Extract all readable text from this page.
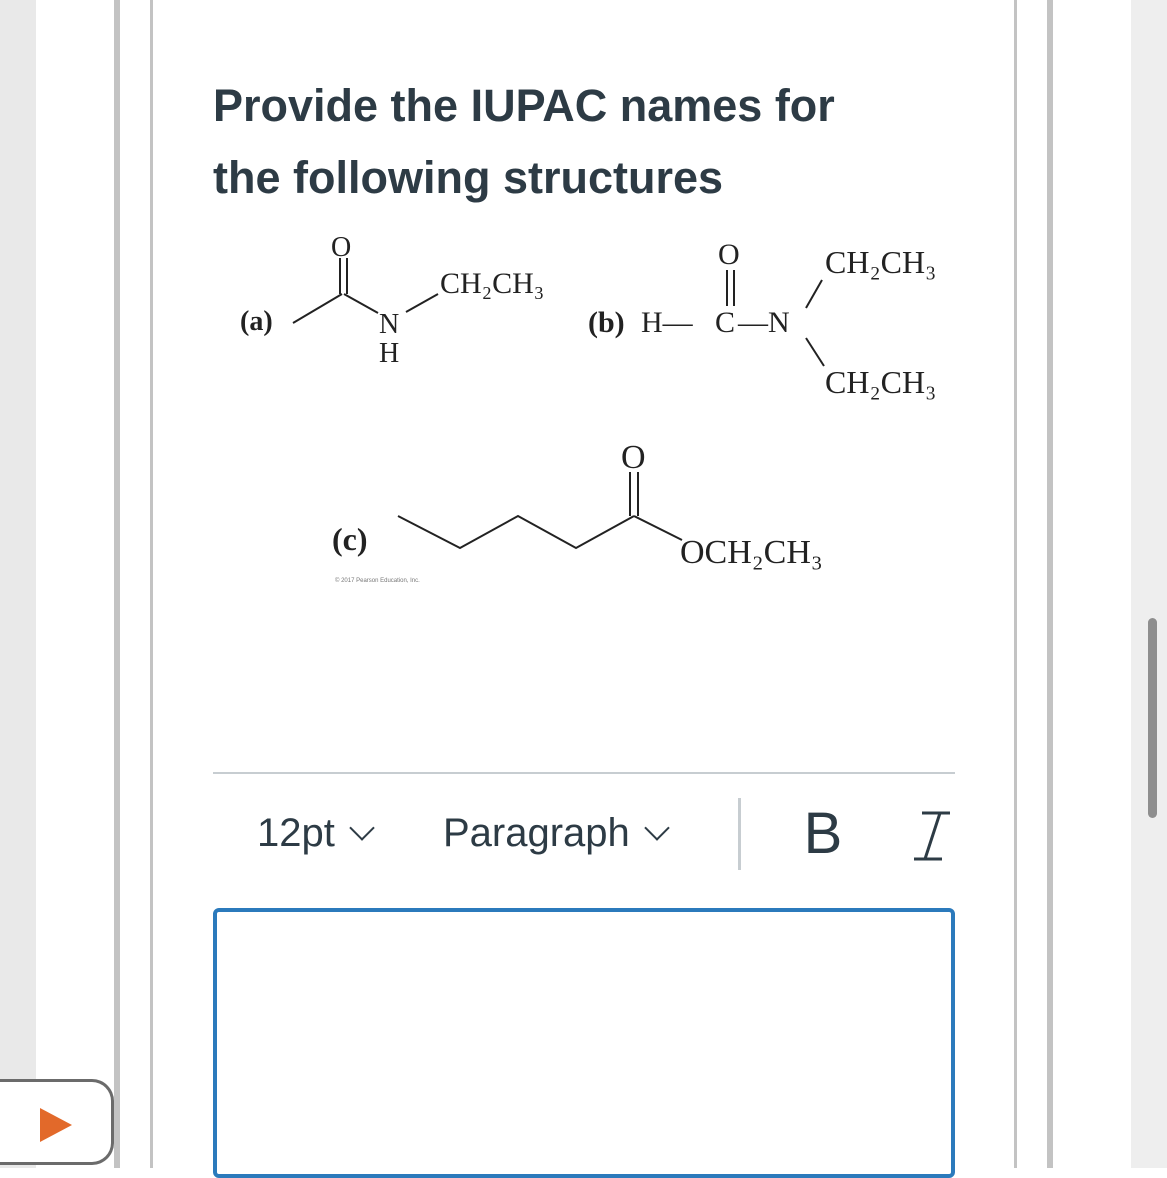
Provide the IUPAC names for
the following structures
(a)
O
N
H
CH₂CH₃
(b) H— C —N
O	CH₂CH₃
CH₂CH₃
(c)
O
OCH₂CH₃
© 2017 Pearson Education, Inc.
12pt	Paragraph	B
